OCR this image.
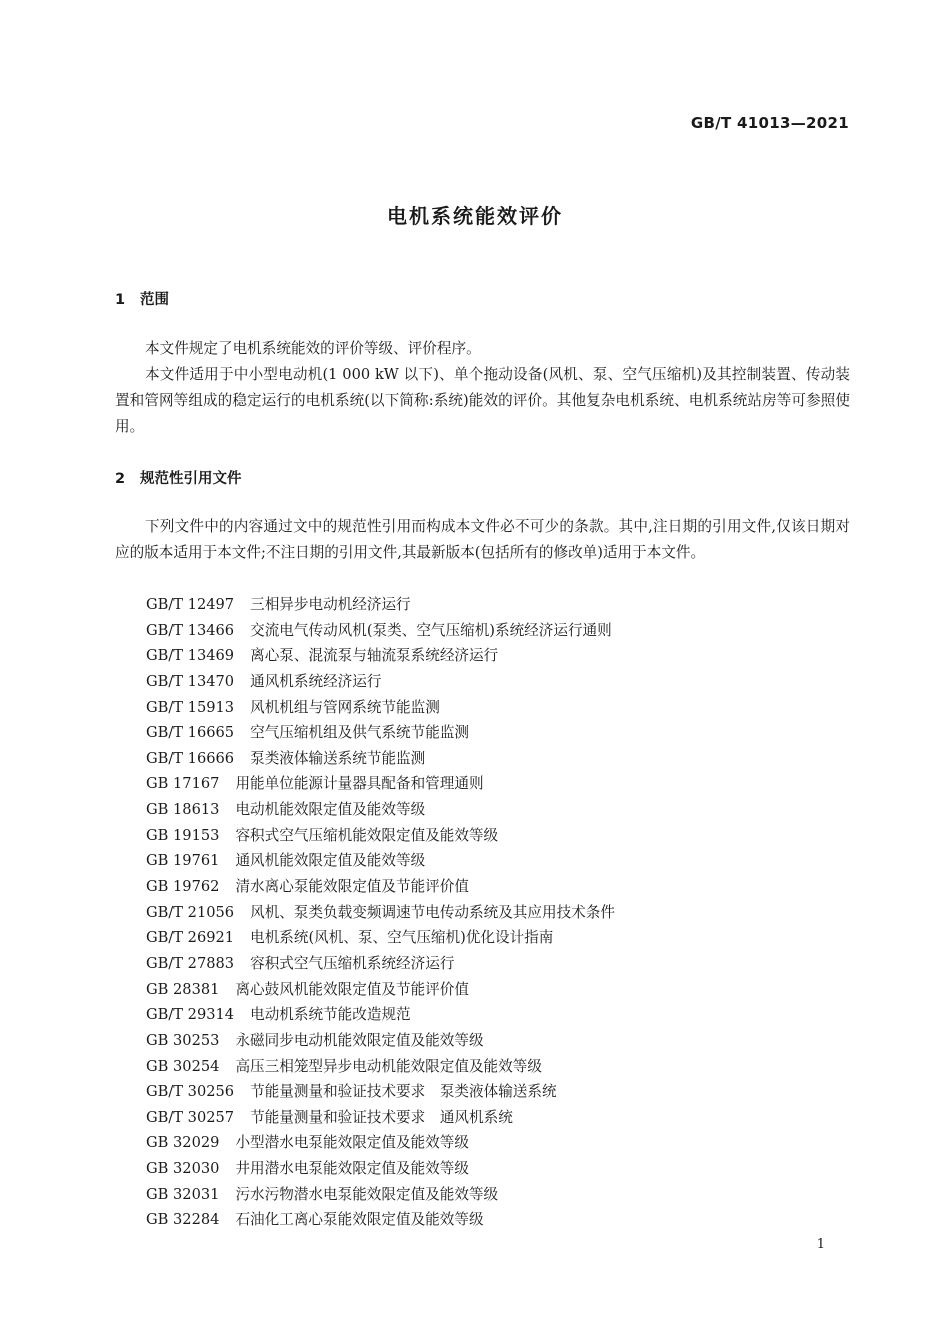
GB/T 41013—2021
电机系统能效评价
1 范围

本文件规定了电机系统能效的评价等级、评价程序。

本文件适用于中小型电动机(1 000 kW 以下)、单个拖动设备(风机、泵、空气压缩机)及其控制装置、传动装置和管网等组成的稳定运行的电机系统(以下简称:系统)能效的评价。其他复杂电机系统、电机系统站房等可参照使用。

2 规范性引用文件

下列文件中的内容通过文中的规范性引用而构成本文件必不可少的条款。其中,注日期的引用文件,仅该日期对应的版本适用于本文件;不注日期的引用文件,其最新版本(包括所有的修改单)适用于本文件。

GB/T 12497 三相异步电动机经济运行
GB/T 13466 交流电气传动风机(泵类、空气压缩机)系统经济运行通则
GB/T 13469 离心泵、混流泵与轴流泵系统经济运行
GB/T 13470 通风机系统经济运行
GB/T 15913 风机机组与管网系统节能监测
GB/T 16665 空气压缩机组及供气系统节能监测
GB/T 16666 泵类液体输送系统节能监测
GB 17167 用能单位能源计量器具配备和管理通则
GB 18613 电动机能效限定值及能效等级
GB 19153 容积式空气压缩机能效限定值及能效等级
GB 19761 通风机能效限定值及能效等级
GB 19762 清水离心泵能效限定值及节能评价值
GB/T 21056 风机、泵类负载变频调速节电传动系统及其应用技术条件
GB/T 26921 电机系统(风机、泵、空气压缩机)优化设计指南
GB/T 27883 容积式空气压缩机系统经济运行
GB 28381 离心鼓风机能效限定值及节能评价值
GB/T 29314 电动机系统节能改造规范
GB 30253 永磁同步电动机能效限定值及能效等级
GB 30254 高压三相笼型异步电动机能效限定值及能效等级
GB/T 30256 节能量测量和验证技术要求　泵类液体输送系统
GB/T 30257 节能量测量和验证技术要求　通风机系统
GB 32029 小型潜水电泵能效限定值及能效等级
GB 32030 井用潜水电泵能效限定值及能效等级
GB 32031 污水污物潜水电泵能效限定值及能效等级
GB 32284 石油化工离心泵能效限定值及能效等级
1
